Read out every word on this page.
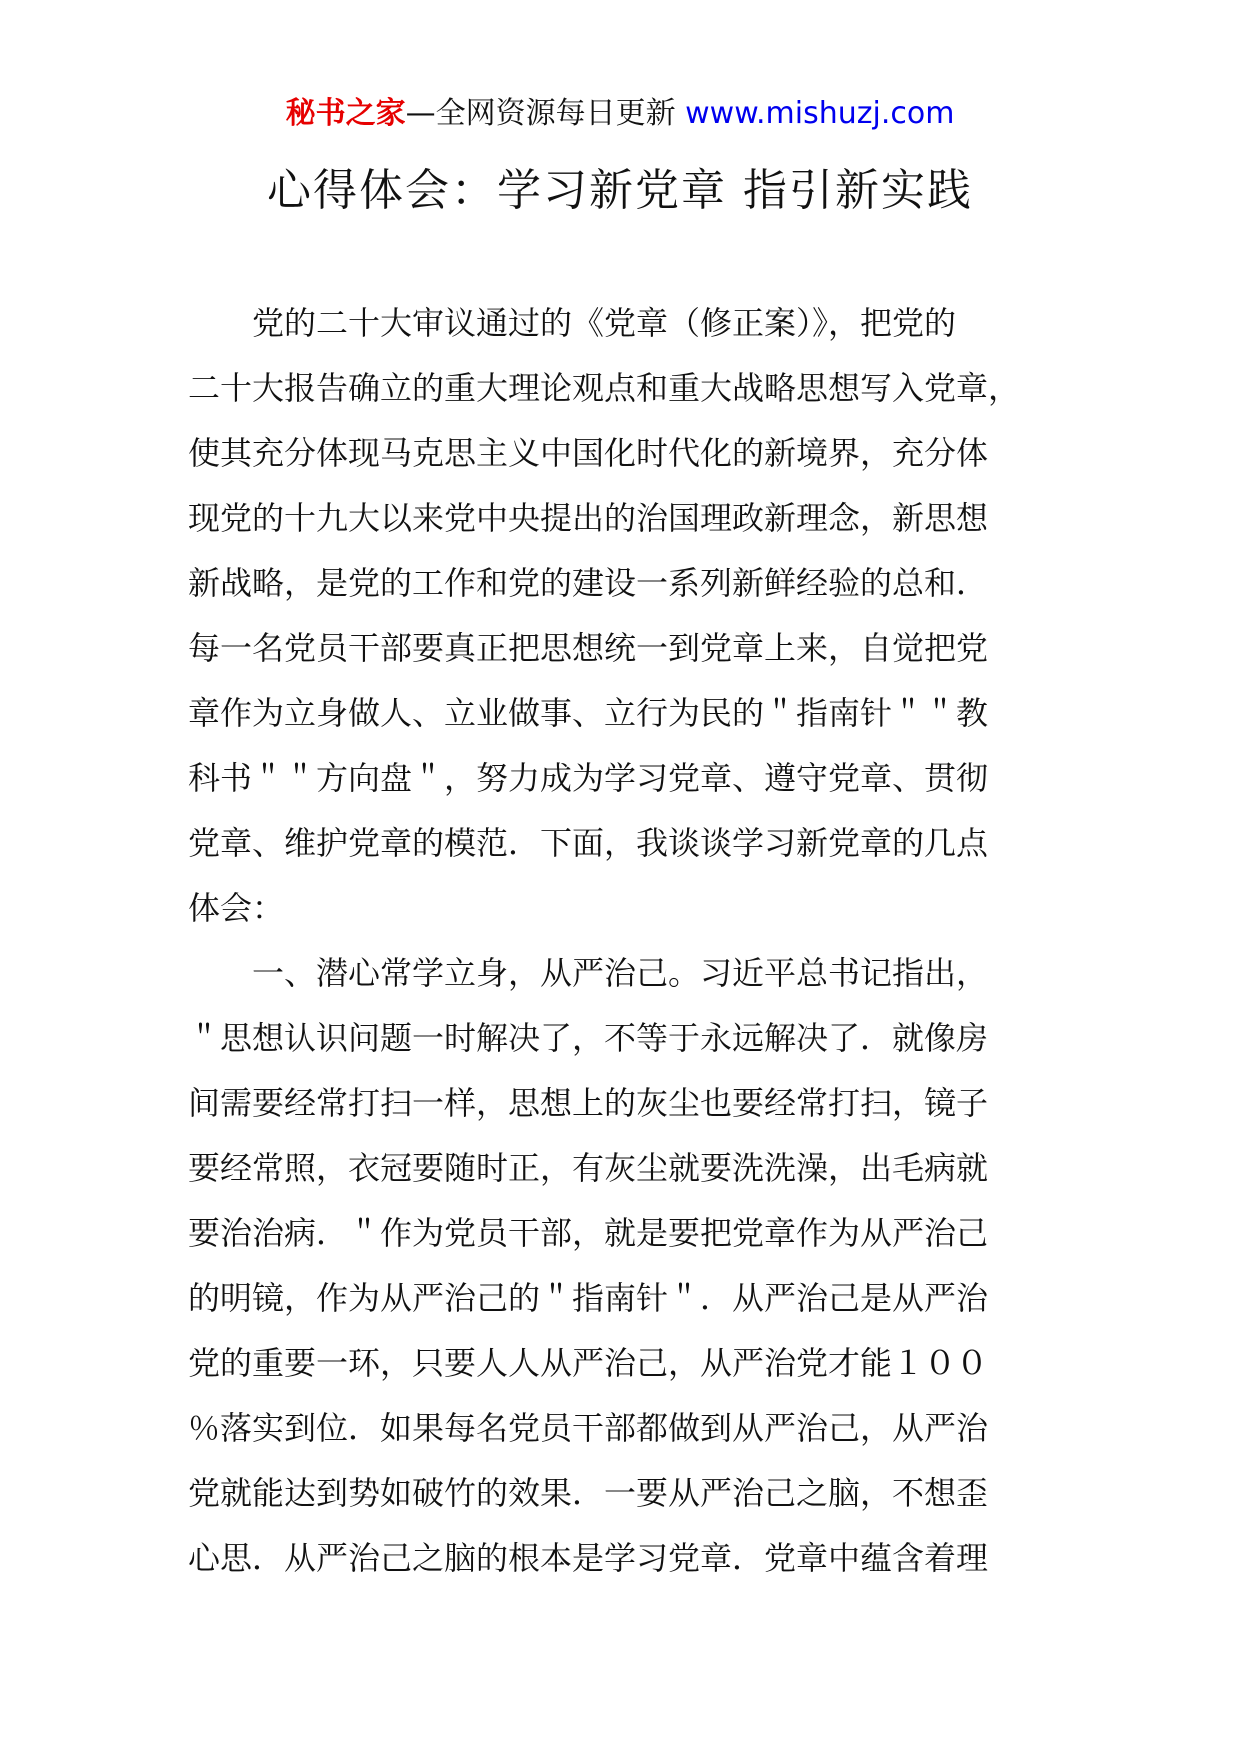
秘书之家—全网资源每日更新 www.mishuzj.com
心得体会：学习新党章 指引新实践
　　党的二十大审议通过的《党章（修正案）》，把党的
二十大报告确立的重大理论观点和重大战略思想写入党章，
使其充分体现马克思主义中国化时代化的新境界，充分体
现党的十九大以来党中央提出的治国理政新理念，新思想
新战略，是党的工作和党的建设一系列新鲜经验的总和．
每一名党员干部要真正把思想统一到党章上来，自觉把党
章作为立身做人、立业做事、立行为民的＂指南针＂＂教
科书＂＂方向盘＂，努力成为学习党章、遵守党章、贯彻
党章、维护党章的模范．下面，我谈谈学习新党章的几点
体会：
　　一、潜心常学立身，从严治己。习近平总书记指出，
＂思想认识问题一时解决了，不等于永远解决了．就像房
间需要经常打扫一样，思想上的灰尘也要经常打扫，镜子
要经常照，衣冠要随时正，有灰尘就要洗洗澡，出毛病就
要治治病．＂作为党员干部，就是要把党章作为从严治己
的明镜，作为从严治己的＂指南针＂．从严治己是从严治
党的重要一环，只要人人从严治己，从严治党才能１００
％落实到位．如果每名党员干部都做到从严治己，从严治
党就能达到势如破竹的效果．一要从严治己之脑，不想歪
心思．从严治己之脑的根本是学习党章．党章中蕴含着理
